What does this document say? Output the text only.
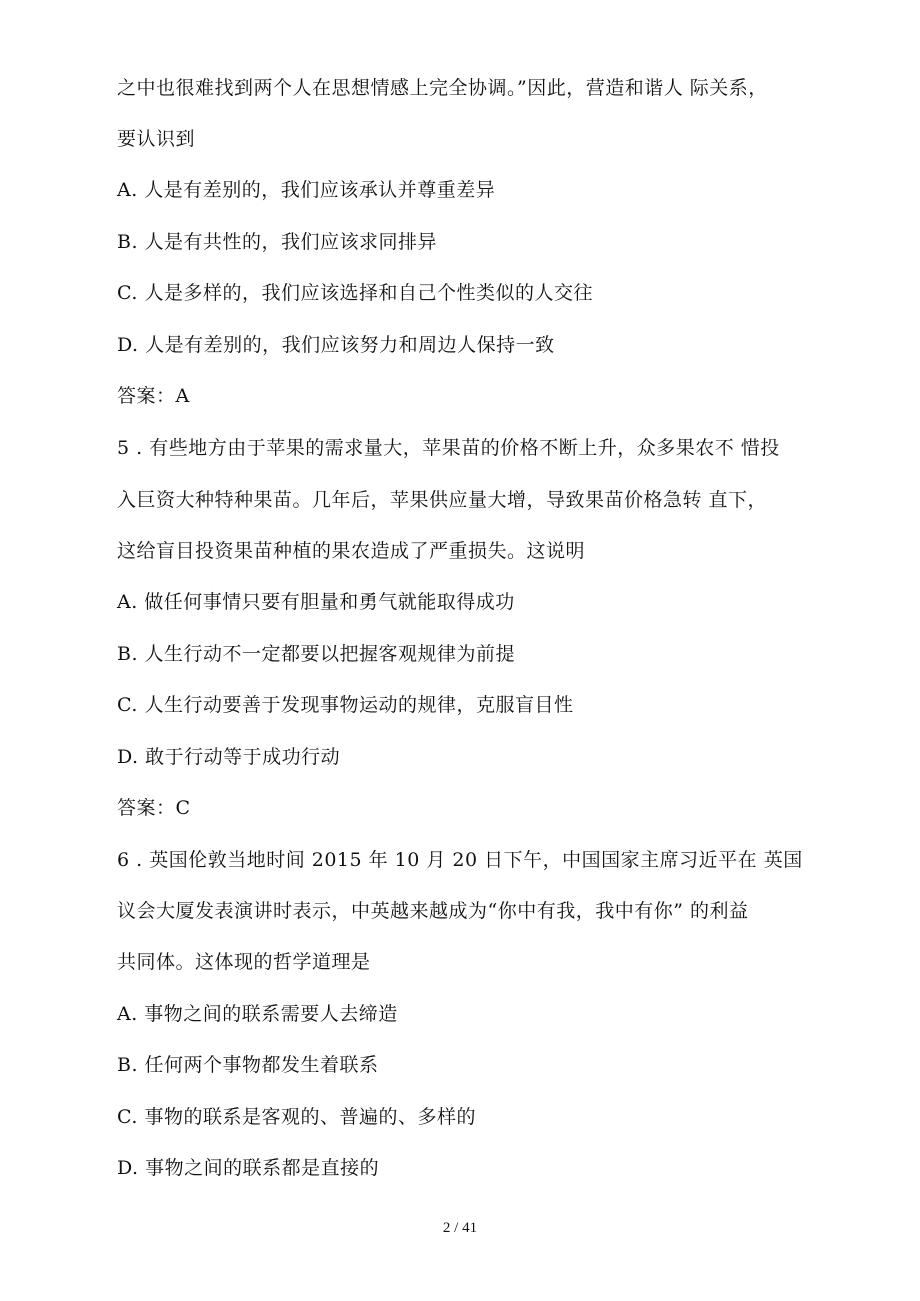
之中也很难找到两个人在思想情感上完全协调。”因此，营造和谐人 际关系，
要认识到
A. 人是有差别的，我们应该承认并尊重差异
B. 人是有共性的，我们应该求同排异
C. 人是多样的，我们应该选择和自己个性类似的人交往
D. 人是有差别的，我们应该努力和周边人保持一致
答案：A
5 . 有些地方由于苹果的需求量大，苹果苗的价格不断上升，众多果农不 惜投
入巨资大种特种果苗。几年后，苹果供应量大增，导致果苗价格急转 直下，
这给盲目投资果苗种植的果农造成了严重损失。这说明
A. 做任何事情只要有胆量和勇气就能取得成功
B. 人生行动不一定都要以把握客观规律为前提
C. 人生行动要善于发现事物运动的规律，克服盲目性
D. 敢于行动等于成功行动
答案：C
6 . 英国伦敦当地时间 2015 年 10 月 20 日下午，中国国家主席习近平在 英国
议会大厦发表演讲时表示，中英越来越成为“你中有我，我中有你” 的利益
共同体。这体现的哲学道理是
A. 事物之间的联系需要人去缔造
B. 任何两个事物都发生着联系
C. 事物的联系是客观的、普遍的、多样的
D. 事物之间的联系都是直接的
2 / 41
